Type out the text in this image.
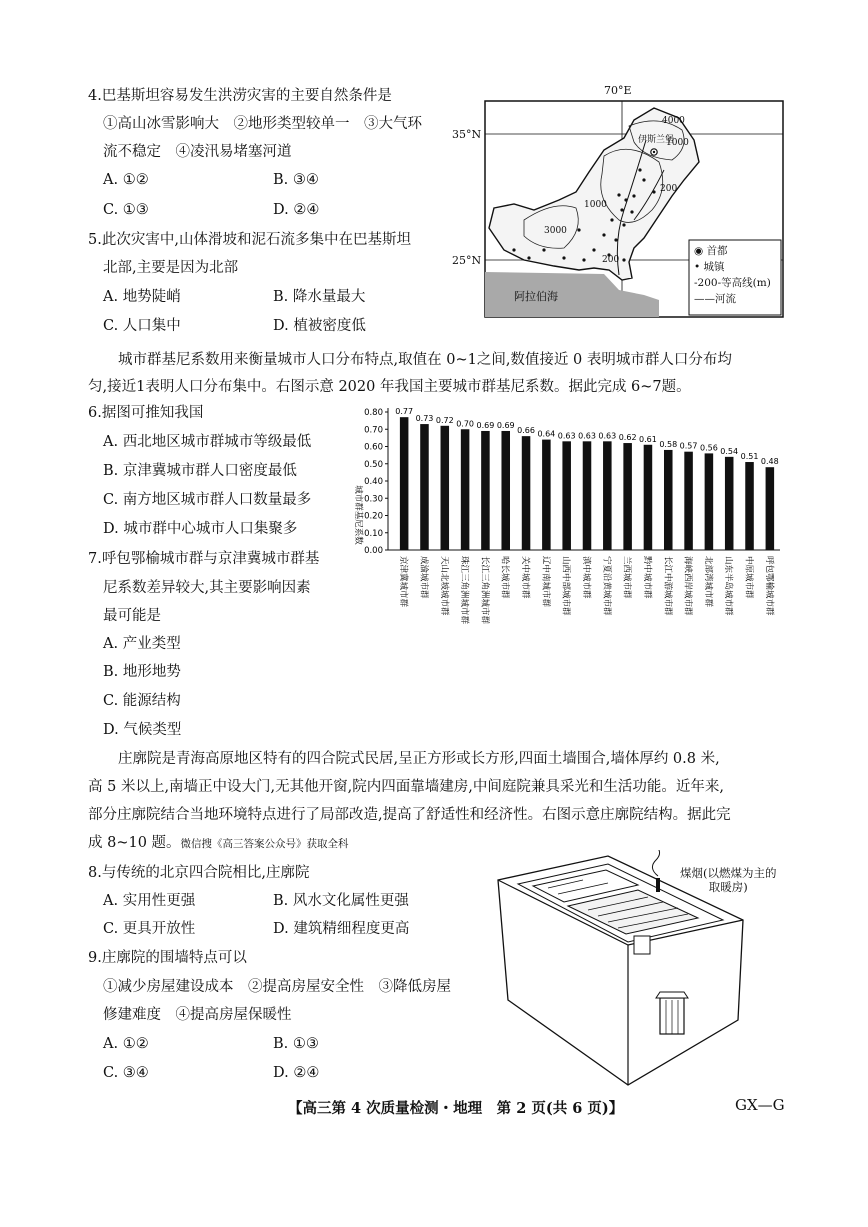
4.巴基斯坦容易发生洪涝灾害的主要自然条件是
①高山冰雪影响大　②地形类型较单一　③大气环
流不稳定　④凌汛易堵塞河道
A. ①②	B. ③④
C. ①③	D. ②④
5.此次灾害中,山体滑坡和泥石流多集中在巴基斯坦
北部,主要是因为北部
A. 地势陡峭	B. 降水量最大
C. 人口集中	D. 植被密度低
70°E
35°N
25°N
伊斯兰堡
4000
1000
200
1000
3000
200
阿拉伯海
◉ 首都
• 城镇
-200-等高线(m)
——河流
城市群基尼系数用来衡量城市人口分布特点,取值在 0~1之间,数值接近 0 表明城市群人口分布均
匀,接近1表明人口分布集中。右图示意 2020 年我国主要城市群基尼系数。据此完成 6~7题。
6.据图可推知我国
A. 西北地区城市群城市等级最低
B. 京津冀城市群人口密度最低
C. 南方地区城市群人口数量最多
D. 城市群中心城市人口集聚多
7.呼包鄂榆城市群与京津冀城市群基
尼系数差异较大,其主要影响因素
最可能是
A. 产业类型
B. 地形地势
C. 能源结构
D. 气候类型
城市群基尼系数
0.00
0.10
0.20
0.30
0.40
0.50
0.60
0.70
0.80 0.77
京津冀城市群
0.73
成渝城市群
0.72
天山北坡城市群
0.70
珠江三角洲城市群
0.69
长江三角洲城市群
0.69
哈长城市群
0.66
关中城市群
0.64
辽中南城市群
0.63
山西中部城市群
0.63
滇中城市群
0.63
宁夏沿黄城市群
0.62
兰西城市群
0.61
黔中城市群
0.58
长江中游城市群
0.57
海峡西岸城市群
0.56
北部湾城市群
0.54
山东半岛城市群
0.51
中原城市群
0.48
呼包鄂榆城市群
庄廓院是青海高原地区特有的四合院式民居,呈正方形或长方形,四面土墙围合,墙体厚约 0.8 米,
高 5 米以上,南墙正中设大门,无其他开窗,院内四面靠墙建房,中间庭院兼具采光和生活功能。近年来,
部分庄廓院结合当地环境特点进行了局部改造,提高了舒适性和经济性。右图示意庄廓院结构。据此完
成 8~10 题。微信搜《高三答案公众号》获取全科
8.与传统的北京四合院相比,庄廓院
A. 实用性更强	B. 风水文化属性更强
C. 更具开放性	D. 建筑精细程度更高
9.庄廓院的围墙特点可以
①减少房屋建设成本　②提高房屋安全性　③降低房屋
修建难度　④提高房屋保暖性
A. ①②	B. ①③
C. ③④	D. ②④
煤烟(以燃煤为主的
取暖房)
【高三第 4 次质量检测・地理　第 2 页(共 6 页)】	GX—G
